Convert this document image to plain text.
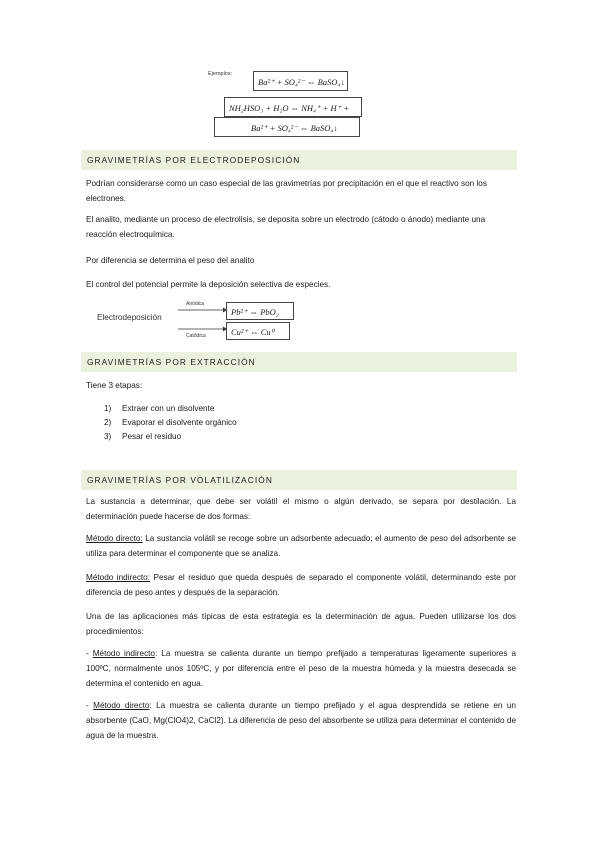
Ejemplos:
Ba²⁺ + SO₄²⁻ ⇔ BaSO₄↓
NH₂HSO₃ + H₂O ⇔ NH₄⁺ + H⁺ +
Ba²⁺ + SO₄²⁻ ⇔ BaSO₄↓
GRAVIMETRÍAS POR ELECTRODEPOSICIÓN
Podrían considerarse como un caso especial de las gravimetrías por precipitación en el que el reactivo son los electrones.
El analito, mediante un proceso de electrolisis, se deposita sobre un electrodo (cátodo o ánodo) mediante una reacción electroquímica.
Por diferencia se determina el peso del analito
El control del potencial permite la deposición selectiva de especies.
Electrodeposición
Anódica
Catódica
Pb²⁺ ⇔ PbO₂
Cu²⁺ ⇔ Cu⁰
GRAVIMETRÍAS POR EXTRACCIÓN
Tiene 3 etapas:
1) Extraer con un disolvente
2) Evaporar el disolvente orgánico
3) Pesar el residuo
GRAVIMETRÍAS POR VOLATILIZACIÓN
La sustancia a determinar, que debe ser volátil el mismo o algún derivado, se separa por destilación. La determinación puede hacerse de dos formas:
Método directo: La sustancia volátil se recoge sobre un adsorbente adecuado; el aumento de peso del adsorbente se utiliza para determinar el componente que se analiza.
Método indirecto: Pesar el residuo que queda después de separado el componente volátil, determinando este por diferencia de peso antes y después de la separación.
Una de las aplicaciones más típicas de esta estrategia es la determinación de agua. Pueden utilizarse los dos procedimientos:
- Método indirecto: La muestra se calienta durante un tiempo prefijado a temperaturas ligeramente superiores a 100ºC, normalmente unos 105ºC, y por diferencia entre el peso de la muestra húmeda y la muestra desecada se determina el contenido en agua.
- Método directo: La muestra se calienta durante un tiempo prefijado y el agua desprendida se retiene en un absorbente (CaO, Mg(ClO4)2, CaCl2). La diferencia de peso del absorbente se utiliza para determinar el contenido de agua de la muestra.
